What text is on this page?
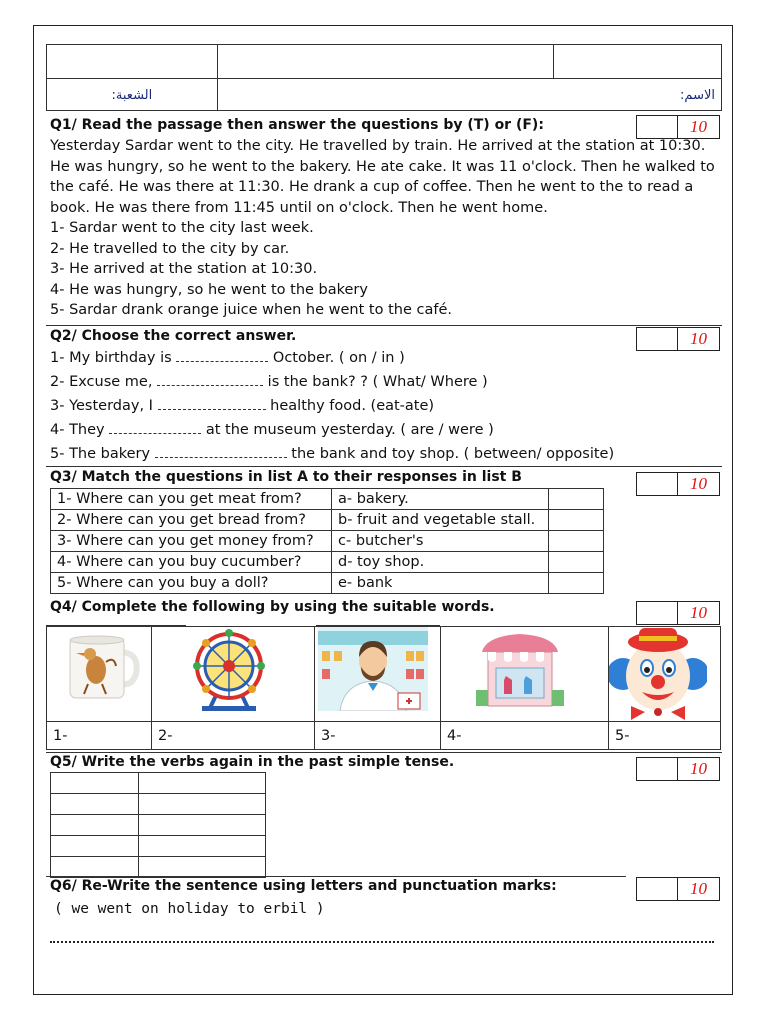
الشعبة:	الاسم:	
Q1/ Read the passage then answer the questions by (T) or (F):	10
Yesterday Sardar went to the city. He travelled by train. He arrived at the station at 10:30.
He was hungry, so he went to the bakery. He ate cake. It was 11 o'clock. Then he walked to
the café. He was there at 11:30. He drank a cup of coffee. Then he went to the to read a
book. He was there from 11:45 until on o'clock. Then he went home.
1- Sardar went to the city last week.
2- He travelled to the city by car.
3- He arrived at the station at 10:30.
4- He was hungry, so he went to the bakery
5- Sardar drank orange juice when he went to the café.
Q2/ Choose the correct answer.	10
1- My birthday is	October. ( on / in )
2- Excuse me,	is the bank? ? ( What/ Where )
3- Yesterday, I	healthy food. (eat-ate)
4- They	at the museum yesterday. ( are / were )
5- The bakery	the bank and toy shop. ( between/ opposite)
Q3/ Match the questions in list A to their responses in list B	10
1- Where can you get meat from?	a- bakery.	
2- Where can you get bread from?	b- fruit and vegetable stall.	
3- Where can you get money from?	c- butcher's	
4- Where can you buy cucumber?	d- toy shop.	
5- Where can you buy a doll?	e- bank	
Q4/ Complete the following by using the suitable words.	10

1-	2-	3-	4-	5-
Q5/ Write the verbs again in the past simple tense.	10

Q6/ Re-Write the sentence using letters and punctuation marks:	10
( we went on holiday to erbil )
